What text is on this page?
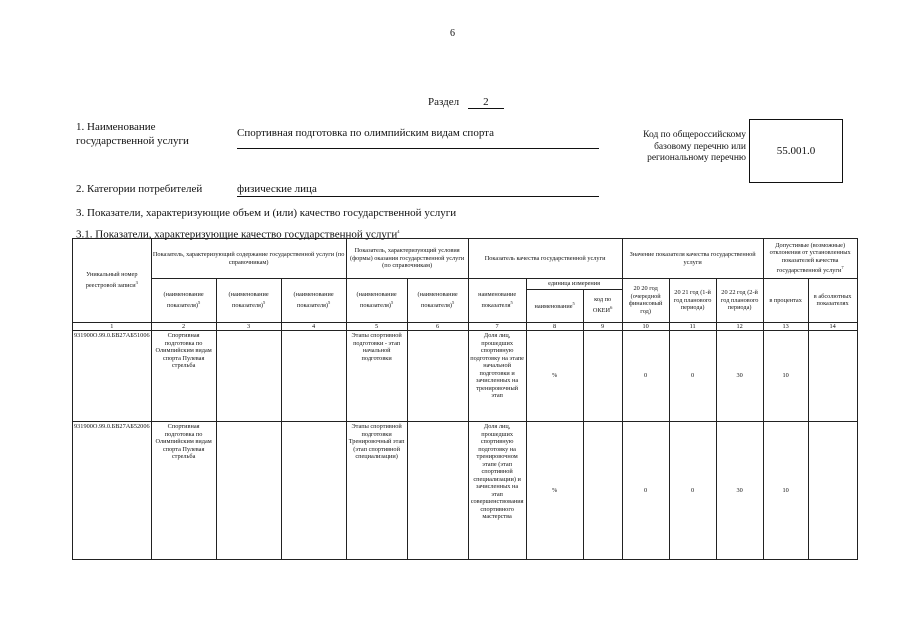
6
Раздел 2
1. Наименование государственной услуги
Спортивная подготовка по олимпийским видам спорта	Код по общероссийскому базовому перечню или региональному перечню
55.001.0
2. Категории потребителей	физические лица
3. Показатели, характеризующие объем и (или) качество государственной услуги
3.1. Показатели, характеризующие качество государственной услуги$^4$
Уникальный номер реестровой записи$^3$	Показатель, характеризующий содержание государственной услуги (по справочникам)			Показатель, характеризующий условия (формы) оказания государственной услуги (по справочникам)		Показатель качества государственной услуги			Значение показателя качества государственной услуги			Допустимые (возможные) отклонения от установленных показателей качества государственной услуги$^7$
	(наименование показателя)$^5$	(наименование показателя)$^5$	(наименование показателя)$^5$	(наименование показателя)$^5$	(наименование показателя)$^5$	наименование показателя$^5$	единица измерения		20 20 год (очередной финансовый год)	20 21 год (1-й год планового периода)	20 22 год (2-й год планового периода)	в процентах	в абсолютных показателях
							наименование$^5$	код по ОКЕИ$^6$
1	2	3	4	5	6	7	8	9	10	11	12	13	14
931900О.99.0.БВ27АБ51006	Спортивная подготовка по Олимпийским видам спорта Пулевая стрельба			Этапы спортивной подготовки - этап начальной подготовки		Доля лиц, прошедших спортивную подготовку на этапе начальной подготовки и зачисленных на тренировочный этап	%		0	0	30	10	
931900О.99.0.БВ27АБ52006	Спортивная подготовка по Олимпийским видам спорта Пулевая стрельба			Этапы спортивной подготовки Тренировочный этап (этап спортивной специализации)		Доля лиц, прошедших спортивную подготовку на тренировочном этапе (этап спортивной специализации) и зачисленных на этап совершенствования спортивного мастерства	%		0	0	30	10	
